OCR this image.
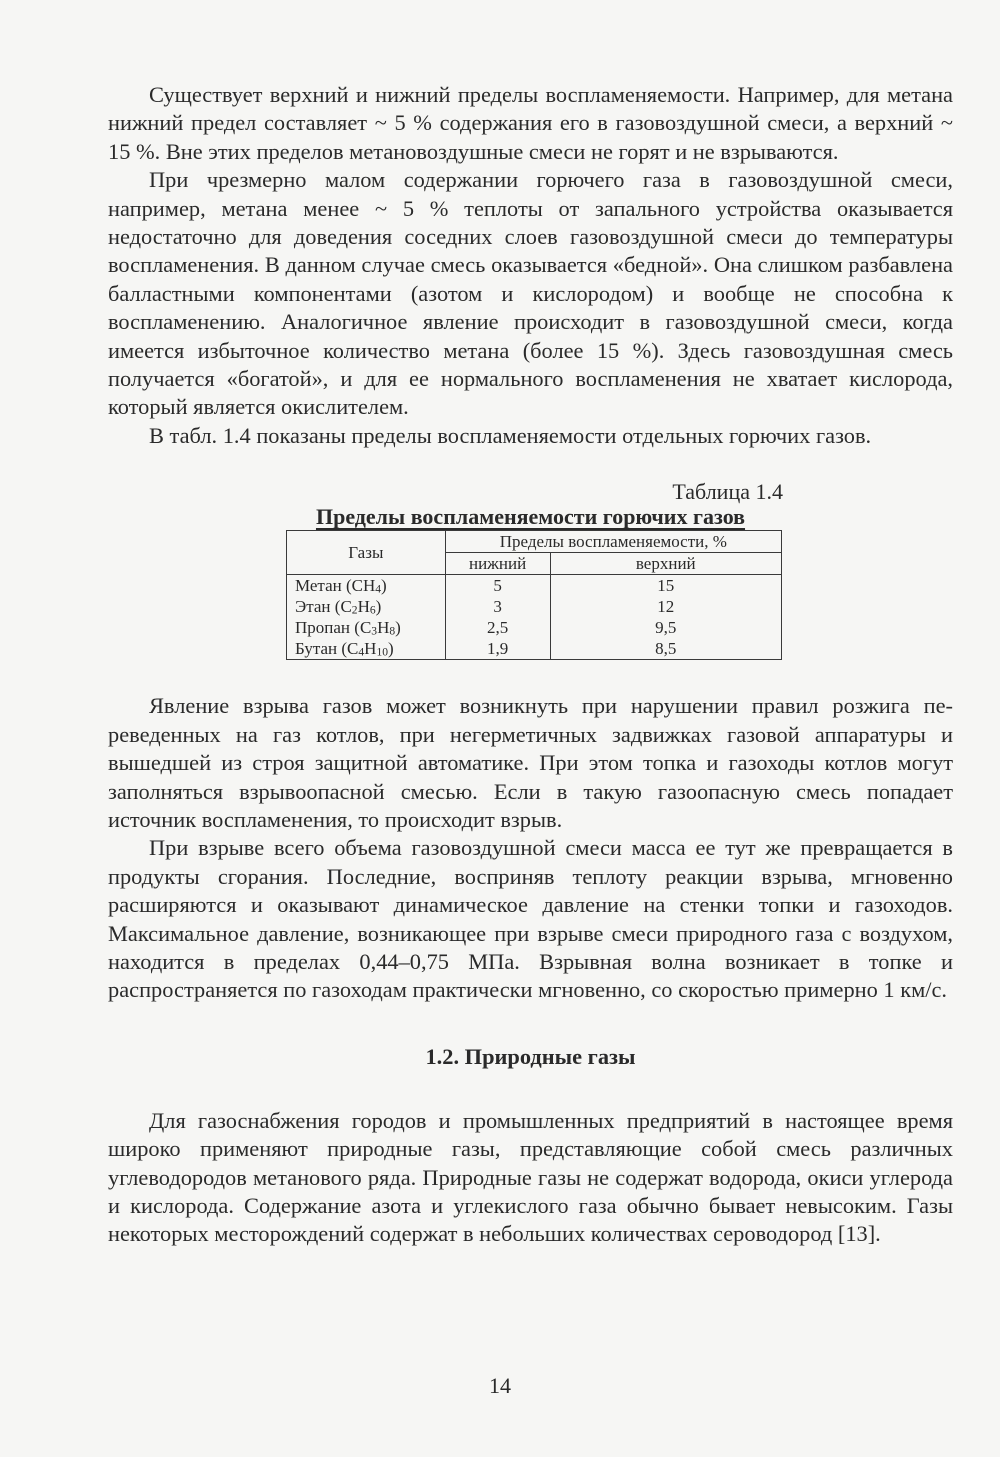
Существует верхний и нижний пределы воспламеняемости. Например, для метана нижний предел составляет ~ 5 % содержания его в газовоздушной смеси, а верхний ~ 15 %. Вне этих пределов метановоздушные смеси не горят и не взрываются.

При чрезмерно малом содержании горючего газа в газовоздушной смеси, например, метана менее ~ 5 % теплоты от запального устройства оказывается недостаточно для доведения соседних слоев газовоздушной смеси до температуры воспламенения. В данном случае смесь оказывается «бедной». Она слишком разбавлена балластными компонентами (азотом и кислородом) и вообще не способна к воспламенению. Аналогичное явление происходит в газовоздушной смеси, когда имеется избыточное количество метана (более 15 %). Здесь газовоздушная смесь получается «богатой», и для ее нормального воспламенения не хватает кислорода, который является окислителем.

В табл. 1.4 показаны пределы воспламеняемости отдельных горючих газов.

Таблица 1.4
Пределы воспламеняемости горючих газов
Газы	Пределы воспламеняемости, %	
	нижний	верхний
Метан $(CH_4)$	5	15
Этан $(C_2H_6)$	3	12
Пропан $(C_3H_8)$	2,5	9,5
Бутан $(C_4H_{10})$	1,9	8,5

Явление взрыва газов может возникнуть при нарушении правил розжига переведенных на газ котлов, при негерметичных задвижках газовой аппаратуры и вышедшей из строя защитной автоматике. При этом топка и газоходы котлов могут заполняться взрывоопасной смесью. Если в такую газоопасную смесь попадает источник воспламенения, то происходит взрыв.

При взрыве всего объема газовоздушной смеси масса ее тут же превращается в продукты сгорания. Последние, восприняв теплоту реакции взрыва, мгновенно расширяются и оказывают динамическое давление на стенки топки и газоходов. Максимальное давление, возникающее при взрыве смеси природного газа с воздухом, находится в пределах 0,44–0,75 МПа. Взрывная волна возникает в топке и распространяется по газоходам практически мгновенно, со скоростью примерно 1 км/с.

1.2. Природные газы

Для газоснабжения городов и промышленных предприятий в настоящее время широко применяют природные газы, представляющие собой смесь различных углеводородов метанового ряда. Природные газы не содержат водорода, окиси углерода и кислорода. Содержание азота и углекислого газа обычно бывает невысоким. Газы некоторых месторождений содержат в небольших количествах сероводород [13].

14
